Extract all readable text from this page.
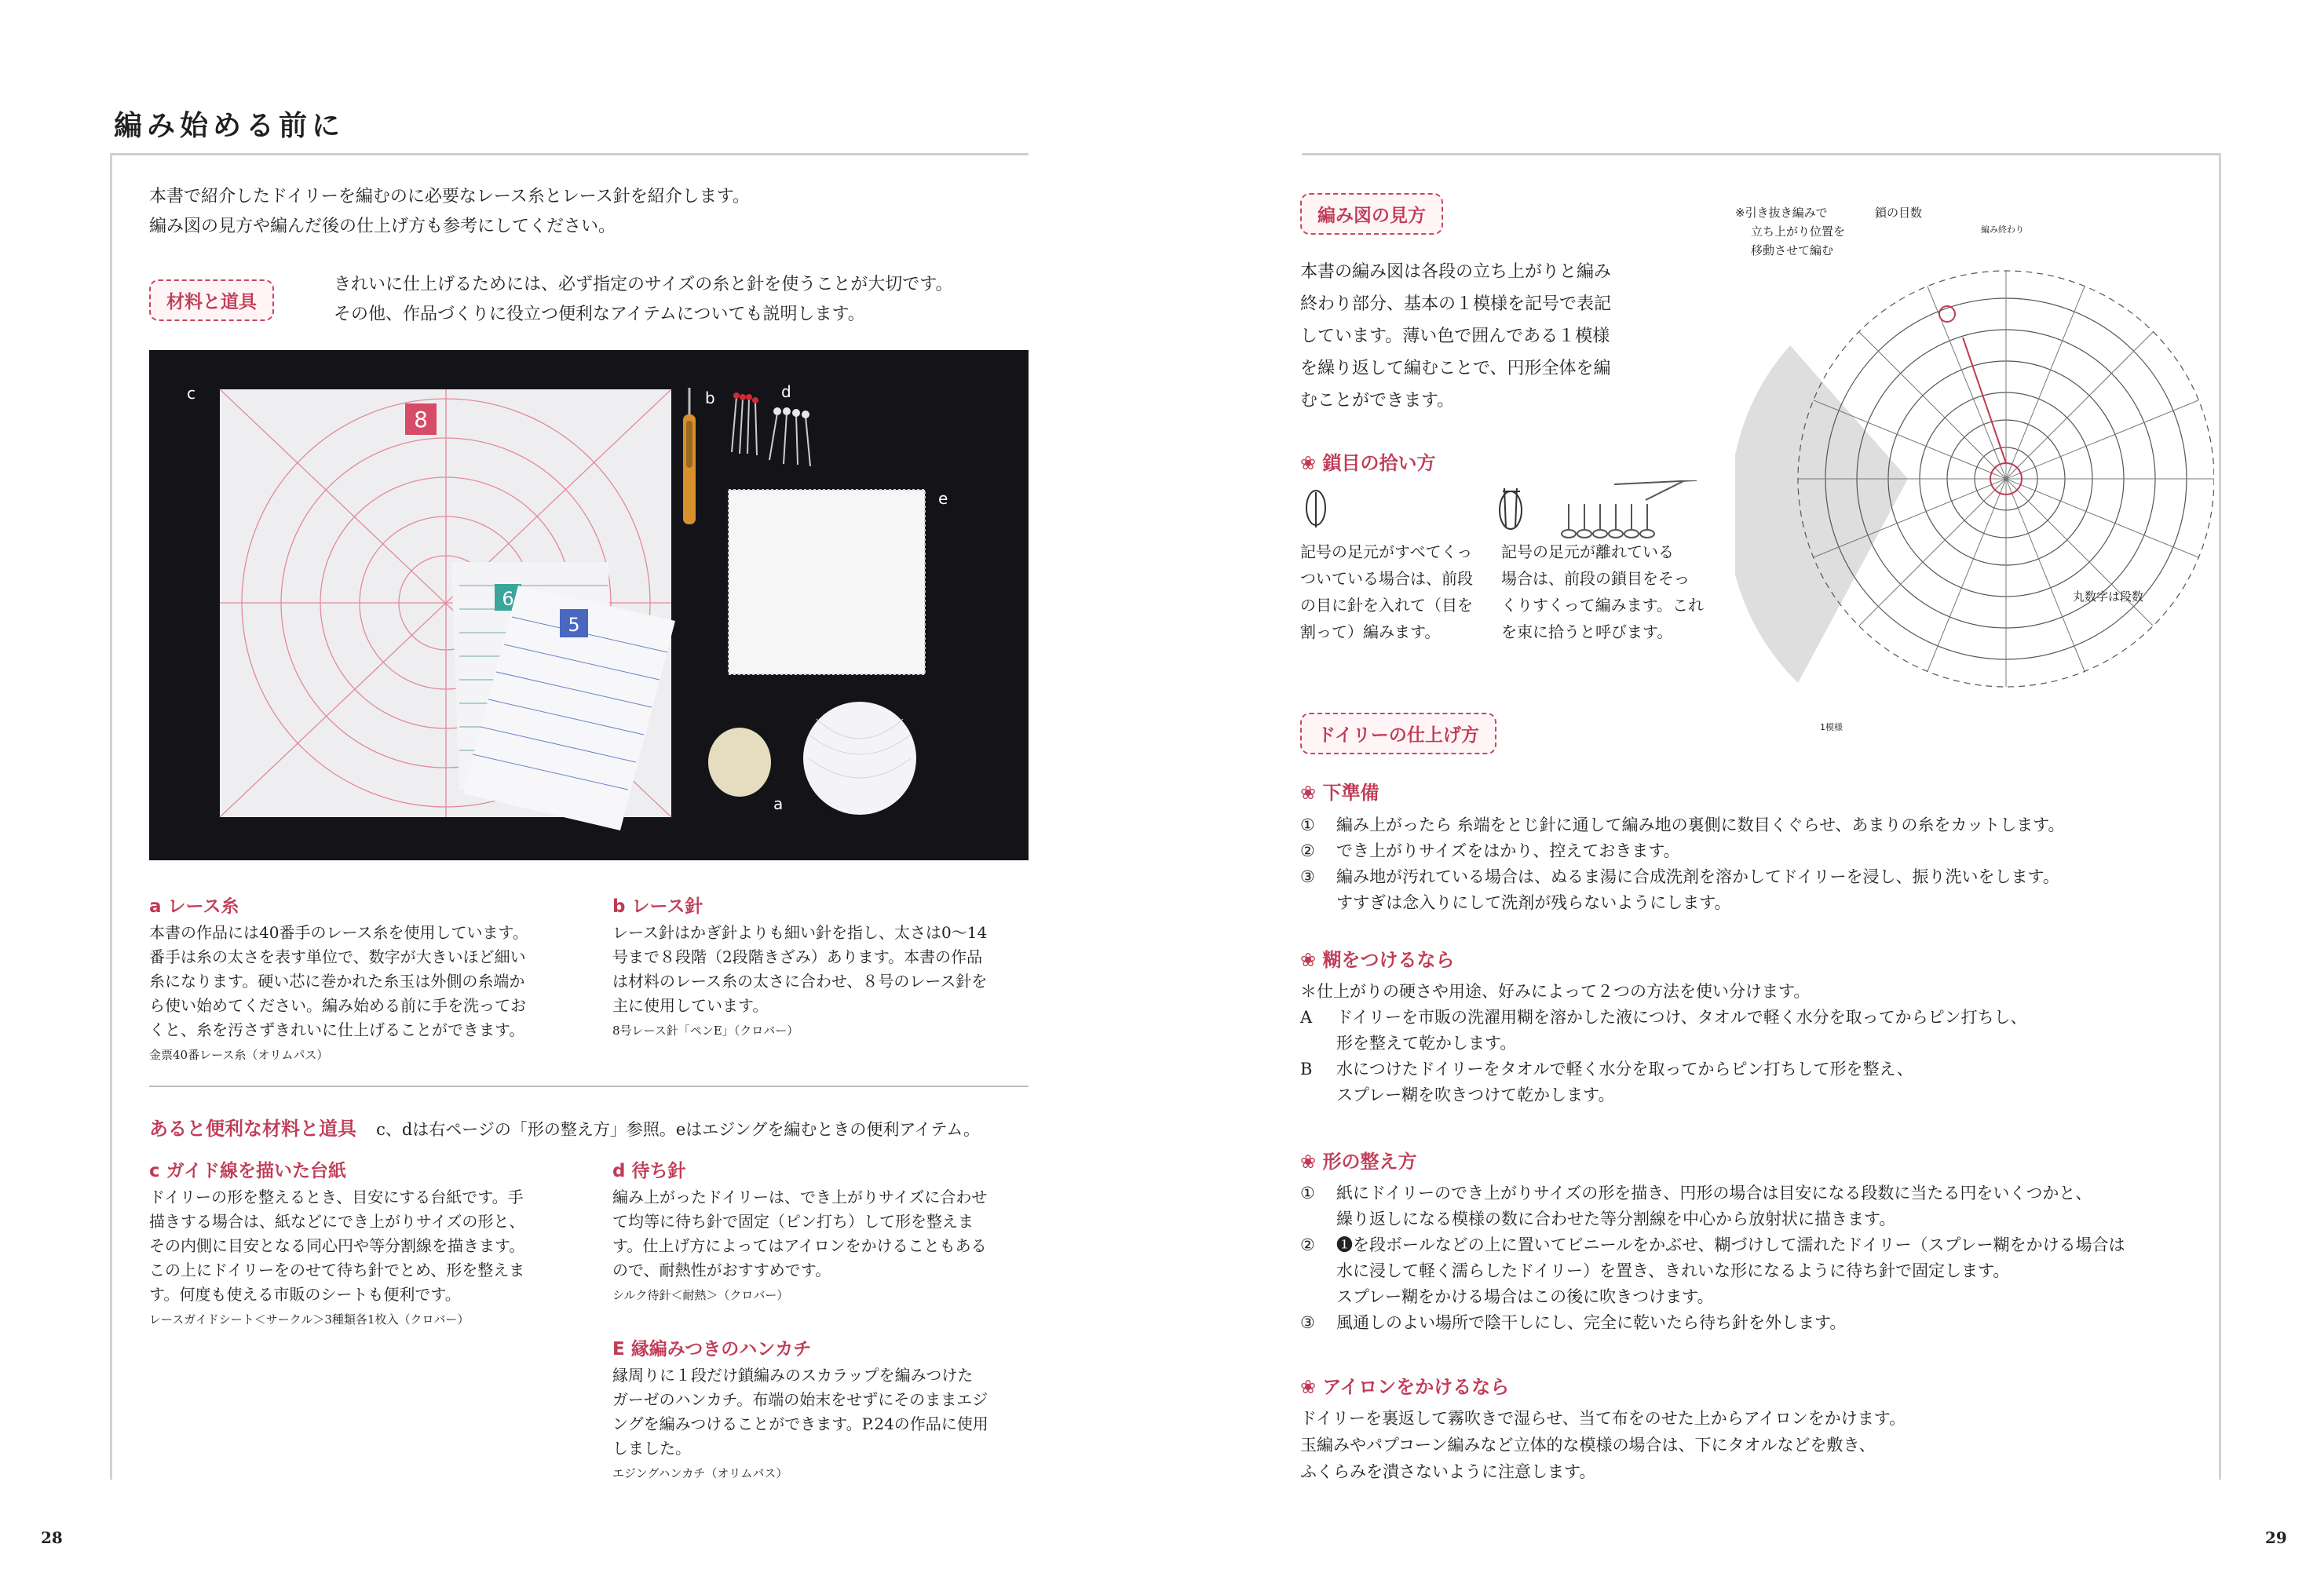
編み始める前に
本書で紹介したドイリーを編むのに必要なレース糸とレース針を紹介します。
編み図の見方や編んだ後の仕上げ方も参考にしてください。
材料と道具
きれいに仕上げるためには、必ず指定のサイズの糸と針を使うことが大切です。
その他、作品づくりに役立つ便利なアイテムについても説明します。
8
6
5
c	b	d
e
a
a レース糸
本書の作品には40番手のレース糸を使用しています。
番手は糸の太さを表す単位で、数字が大きいほど細い
糸になります。硬い芯に巻かれた糸玉は外側の糸端か
ら使い始めてください。編み始める前に手を洗ってお
くと、糸を汚さずきれいに仕上げることができます。
金票40番レース糸（オリムパス）
b レース針
レース針はかぎ針よりも細い針を指し、太さは0〜14
号まで８段階（2段階きざみ）あります。本書の作品
は材料のレース糸の太さに合わせ、８号のレース針を
主に使用しています。
8号レース針「ペンE」（クロバー）
あると便利な材料と道具 c、dは右ページの「形の整え方」参照。eはエジングを編むときの便利アイテム。
c ガイド線を描いた台紙
ドイリーの形を整えるとき、目安にする台紙です。手
描きする場合は、紙などにでき上がりサイズの形と、
その内側に目安となる同心円や等分割線を描きます。
この上にドイリーをのせて待ち針でとめ、形を整えま
す。何度も使える市販のシートも便利です。
レースガイドシート＜サークル＞3種類各1枚入（クロバー）
d 待ち針
編み上がったドイリーは、でき上がりサイズに合わせ
て均等に待ち針で固定（ピン打ち）して形を整えま
す。仕上げ方によってはアイロンをかけることもある
ので、耐熱性がおすすめです。
シルク待針＜耐熱＞（クロバー）
E 縁編みつきのハンカチ
縁周りに１段だけ鎖編みのスカラップを編みつけた
ガーゼのハンカチ。布端の始末をせずにそのままエジ
ングを編みつけることができます。P.24の作品に使用
しました。
エジングハンカチ（オリムパス）
28
編み図の見方
本書の編み図は各段の立ち上がりと編み
終わり部分、基本の１模様を記号で表記
しています。薄い色で囲んである１模様
を繰り返して編むことで、円形全体を編
むことができます。
❀ 鎖目の拾い方
記号の足元がすべてくっ
ついている場合は、前段
の目に針を入れて（目を
割って）編みます。
記号の足元が離れている
場合は、前段の鎖目をそっ
くりすくって編みます。これ
を束に拾うと呼びます。
※引き抜き編みで
立ち上がり位置を
移動させて編む
鎖の目数
編み終わり
丸数字は段数
1模様
ドイリーの仕上げ方
❀ 下準備
①	編み上がったら 糸端をとじ針に通して編み地の裏側に数目くぐらせ、あまりの糸をカットします。
②	でき上がりサイズをはかり、控えておきます。
③	編み地が汚れている場合は、ぬるま湯に合成洗剤を溶かしてドイリーを浸し、振り洗いをします。
すすぎは念入りにして洗剤が残らないようにします。
❀ 糊をつけるなら
＊仕上がりの硬さや用途、好みによって２つの方法を使い分けます。
A	ドイリーを市販の洗濯用糊を溶かした液につけ、タオルで軽く水分を取ってからピン打ちし、
形を整えて乾かします。
B	水につけたドイリーをタオルで軽く水分を取ってからピン打ちして形を整え、
スプレー糊を吹きつけて乾かします。
❀ 形の整え方
①	紙にドイリーのでき上がりサイズの形を描き、円形の場合は目安になる段数に当たる円をいくつかと、
繰り返しになる模様の数に合わせた等分割線を中心から放射状に描きます。
②	❶を段ボールなどの上に置いてビニールをかぶせ、糊づけして濡れたドイリー（スプレー糊をかける場合は
水に浸して軽く濡らしたドイリー）を置き、きれいな形になるように待ち針で固定します。
スプレー糊をかける場合はこの後に吹きつけます。
③	風通しのよい場所で陰干しにし、完全に乾いたら待ち針を外します。
❀ アイロンをかけるなら
ドイリーを裏返して霧吹きで湿らせ、当て布をのせた上からアイロンをかけます。
玉編みやパプコーン編みなど立体的な模様の場合は、下にタオルなどを敷き、
ふくらみを潰さないように注意します。
29
